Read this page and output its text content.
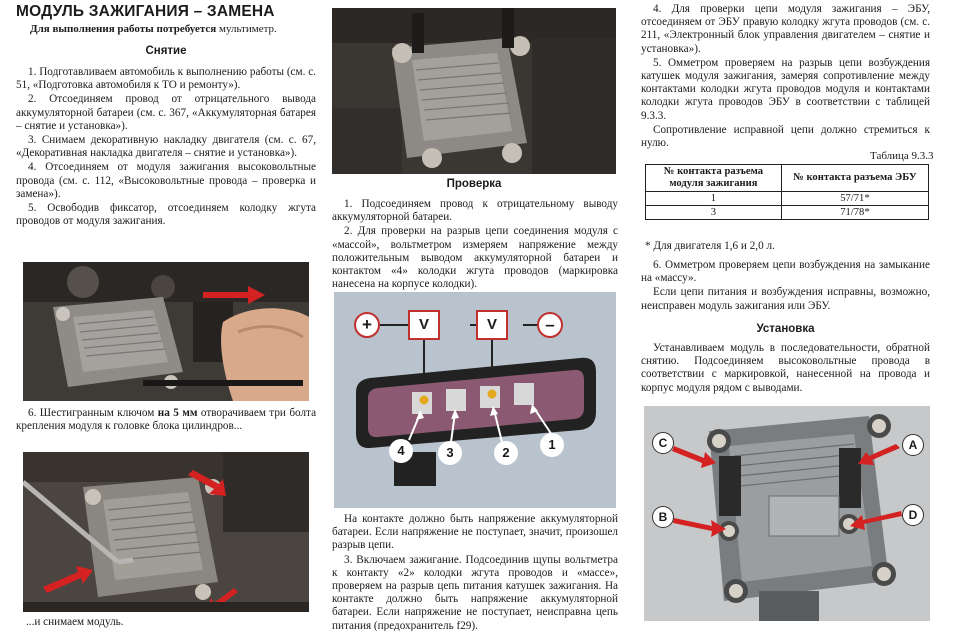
МОДУЛЬ ЗАЖИГАНИЯ – ЗАМЕНА
Для выполнения работы потребуется мультиметр.
Снятие

1. Подготавливаем автомобиль к выполнению работы (см. с. 51, «Подготовка автомобиля к ТО и ремонту»).

2. Отсоединяем провод от отрицательного вывода аккумуляторной батареи (см. с. 367, «Аккумуляторная батарея – снятие и установка»).

3. Снимаем декоративную накладку двигателя (см. с. 67, «Декоративная накладка двигателя – снятие и установка»).

4. Отсоединяем от модуля зажигания высоковольтные провода (см. с. 112, «Высоковольтные провода – проверка и замена»).

5. Освободив фиксатор, отсоединяем колодку жгута проводов от модуля зажигания.

6. Шестигранным ключом на 5 мм отворачиваем три болта крепления модуля к головке блока цилиндров...

...и снимаем модуль.
Проверка

1. Подсоединяем провод к отрицательному выводу аккумуляторной батареи.

2. Для проверки на разрыв цепи соединения модуля с «массой», вольтметром измеряем напряжение между положительным выводом аккумуляторной батареи и контактом «4» колодки жгута проводов (маркировка нанесена на корпусе колодки).

+	V	V	–
4	3	2
1

На контакте должно быть напряжение аккумуляторной батареи. Если напряжение не поступает, значит, произошел разрыв цепи.

3. Включаем зажигание. Подсоединив щупы вольтметра к контакту «2» колодки жгута проводов и «массе», проверяем на разрыв цепь питания катушек зажигания. На контакте должно быть напряжение аккумуляторной батареи. Если напряжение не поступает, неисправна цепь питания (предохранитель f29).

4. Для проверки цепи модуля зажигания – ЭБУ, отсоединяем от ЭБУ правую колодку жгута проводов (см. с. 211, «Электронный блок управления двигателем – снятие и установка»).

5. Омметром проверяем на разрыв цепи возбуждения катушек модуля зажигания, замеряя сопротивление между контактами колодки жгута проводов модуля и контактами колодки жгута проводов ЭБУ в соответствии с таблицей 9.3.3.

Сопротивление исправной цепи должно стремиться к нулю.

Таблица 9.3.3
№ контакта разъема модуля зажигания	№ контакта разъема ЭБУ
1	57/71*
3	71/78*
* Для двигателя 1,6 и 2,0 л.

6. Омметром проверяем цепи возбуждения на замыкание на «массу».

Если цепи питания и возбуждения исправны, возможно, неисправен модуль зажигания или ЭБУ.

Установка

Устанавливаем модуль в последовательности, обратной снятию. Подсоединяем высоковольтные провода в соответствии с маркировкой, нанесенной на провода и корпус модуля рядом с выводами.

C	A
B	D
